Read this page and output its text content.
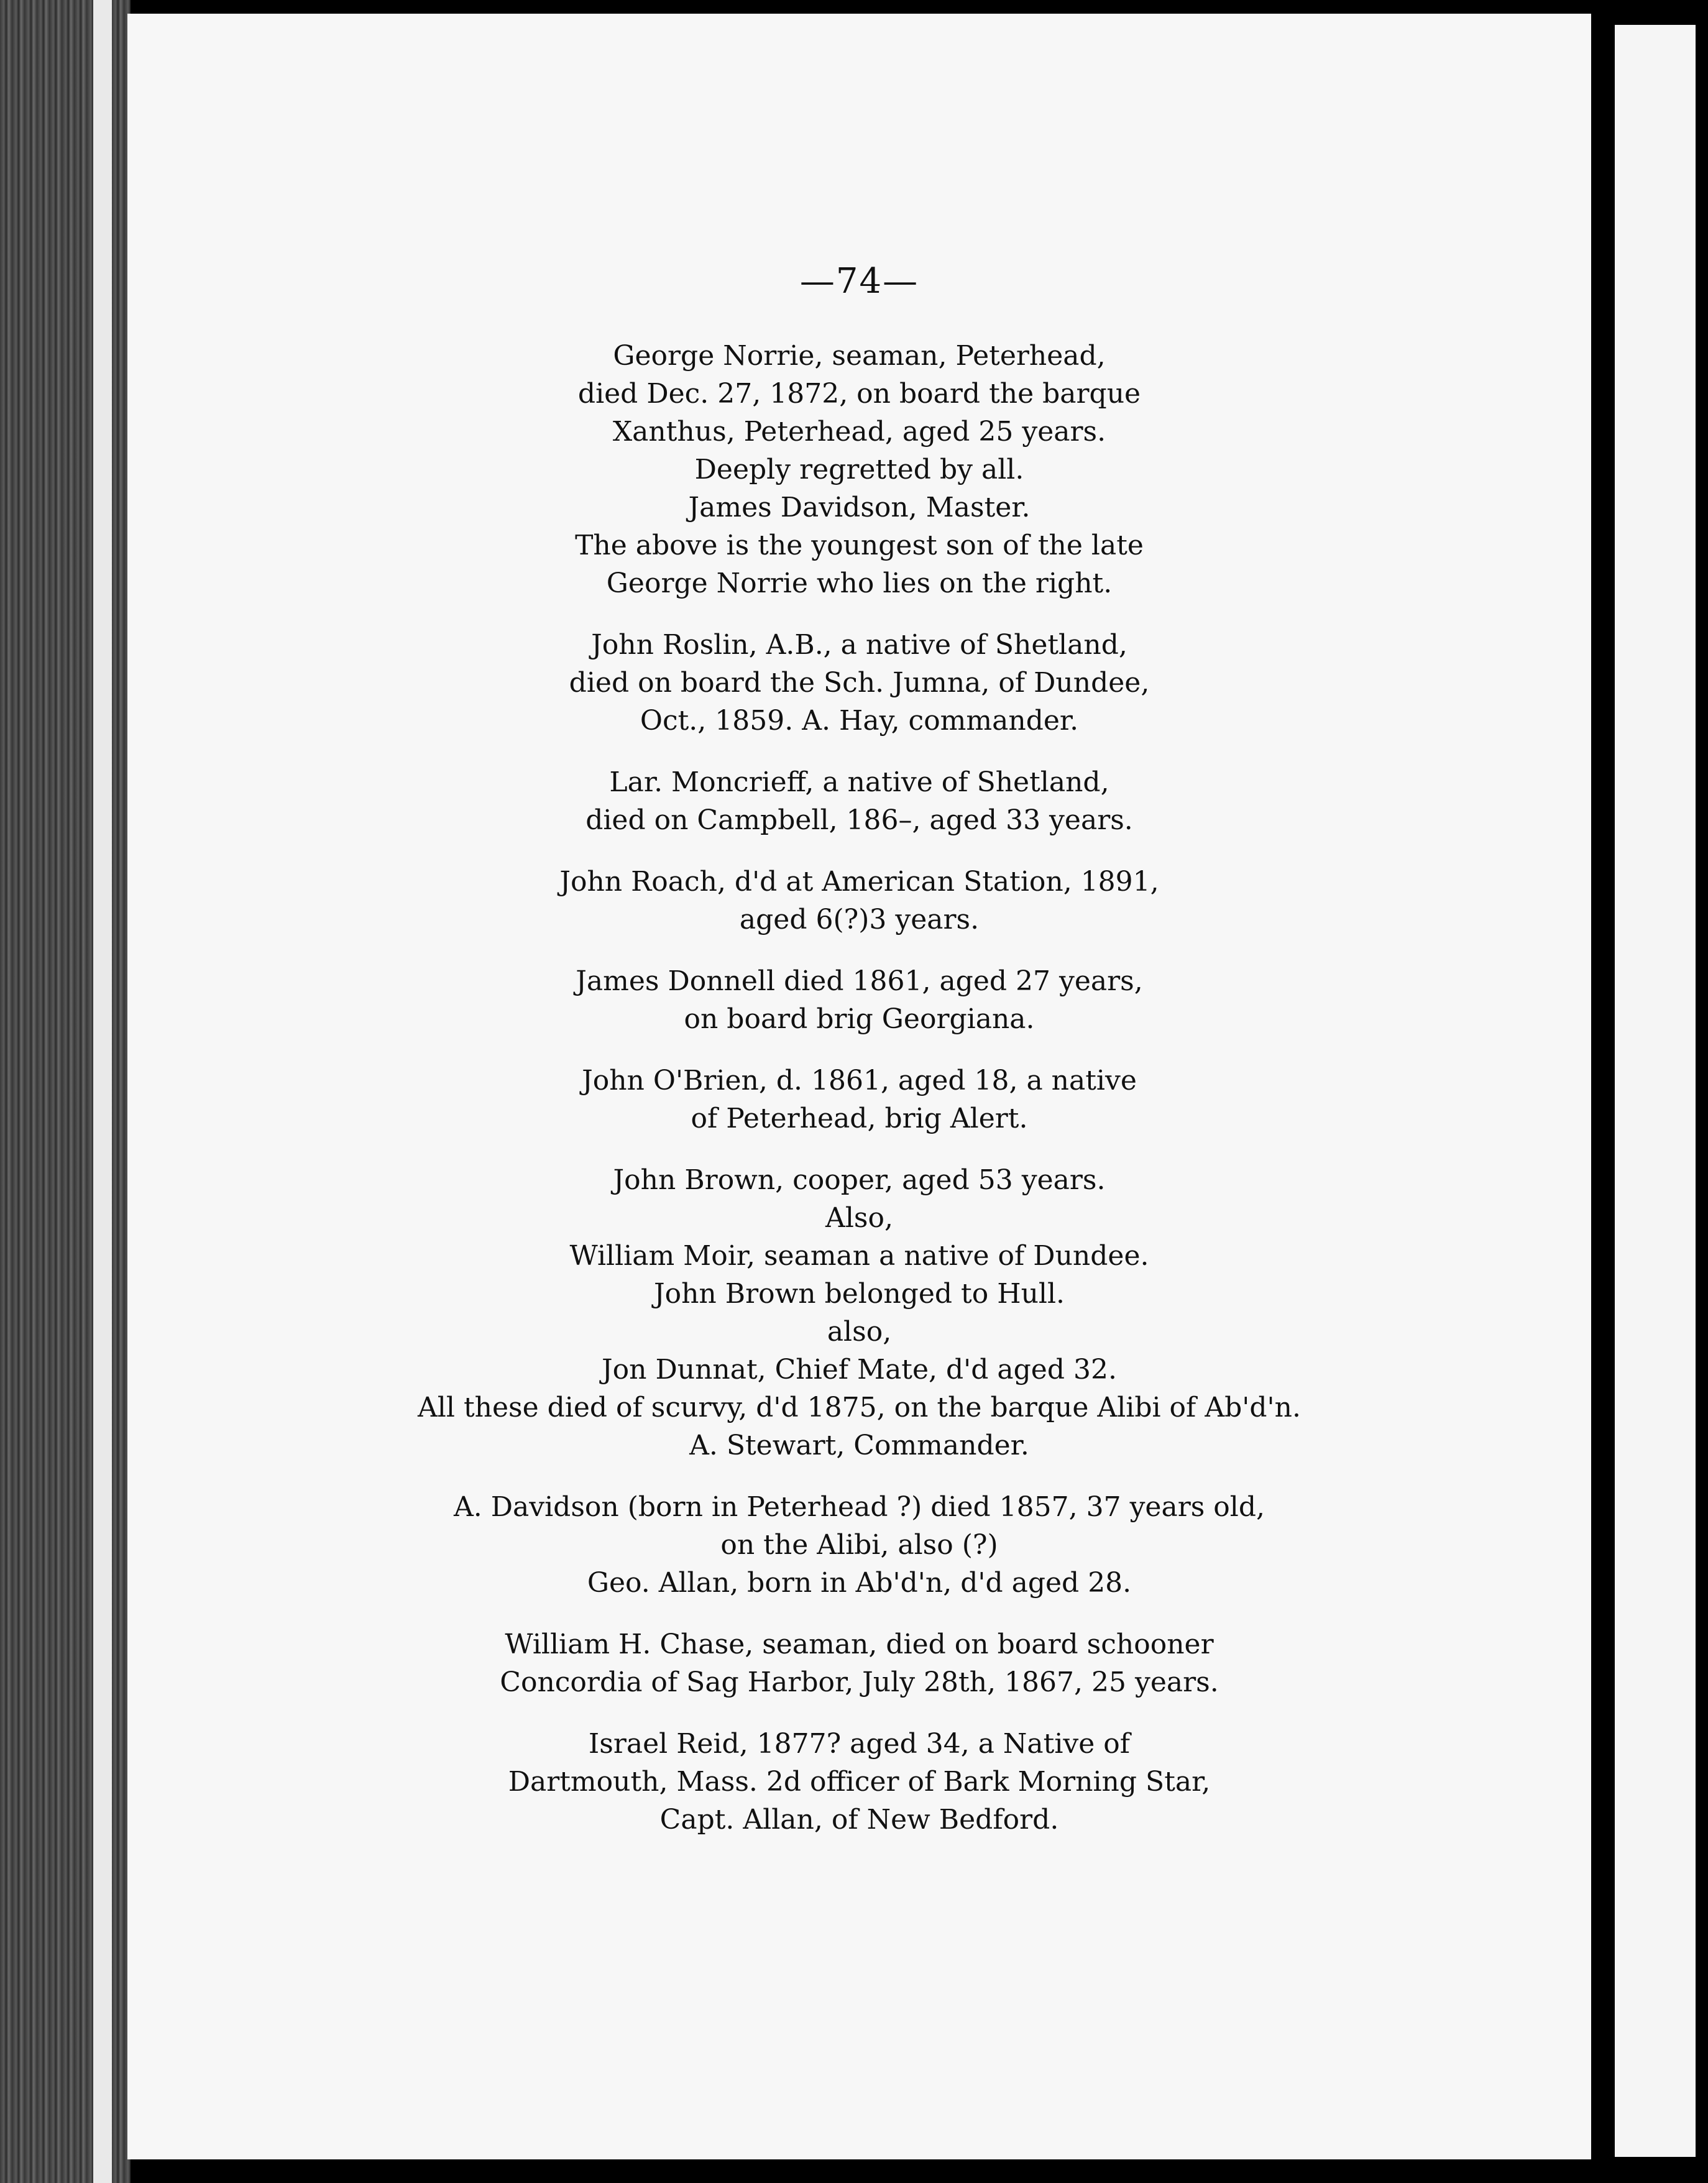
—74—
George Norrie, seaman, Peterhead,
died Dec. 27, 1872, on board the barque
Xanthus, Peterhead, aged 25 years.
Deeply regretted by all.
James Davidson, Master.
The above is the youngest son of the late
George Norrie who lies on the right.
John Roslin, A.B., a native of Shetland,
died on board the Sch. Jumna, of Dundee,
Oct., 1859. A. Hay, commander.
Lar. Moncrieff, a native of Shetland,
died on Campbell, 186–, aged 33 years.
John Roach, d'd at American Station, 1891,
aged 6(?)3 years.
James Donnell died 1861, aged 27 years,
on board brig Georgiana.
John O'Brien, d. 1861, aged 18, a native
of Peterhead, brig Alert.
John Brown, cooper, aged 53 years.
Also,
William Moir, seaman a native of Dundee.
John Brown belonged to Hull.
also,
Jon Dunnat, Chief Mate, d'd aged 32.
All these died of scurvy, d'd 1875, on the barque Alibi of Ab'd'n.
A. Stewart, Commander.
A. Davidson (born in Peterhead ?) died 1857, 37 years old,
on the Alibi, also (?)
Geo. Allan, born in Ab'd'n, d'd aged 28.
William H. Chase, seaman, died on board schooner
Concordia of Sag Harbor, July 28th, 1867, 25 years.
Israel Reid, 1877? aged 34, a Native of
Dartmouth, Mass. 2d officer of Bark Morning Star,
Capt. Allan, of New Bedford.
